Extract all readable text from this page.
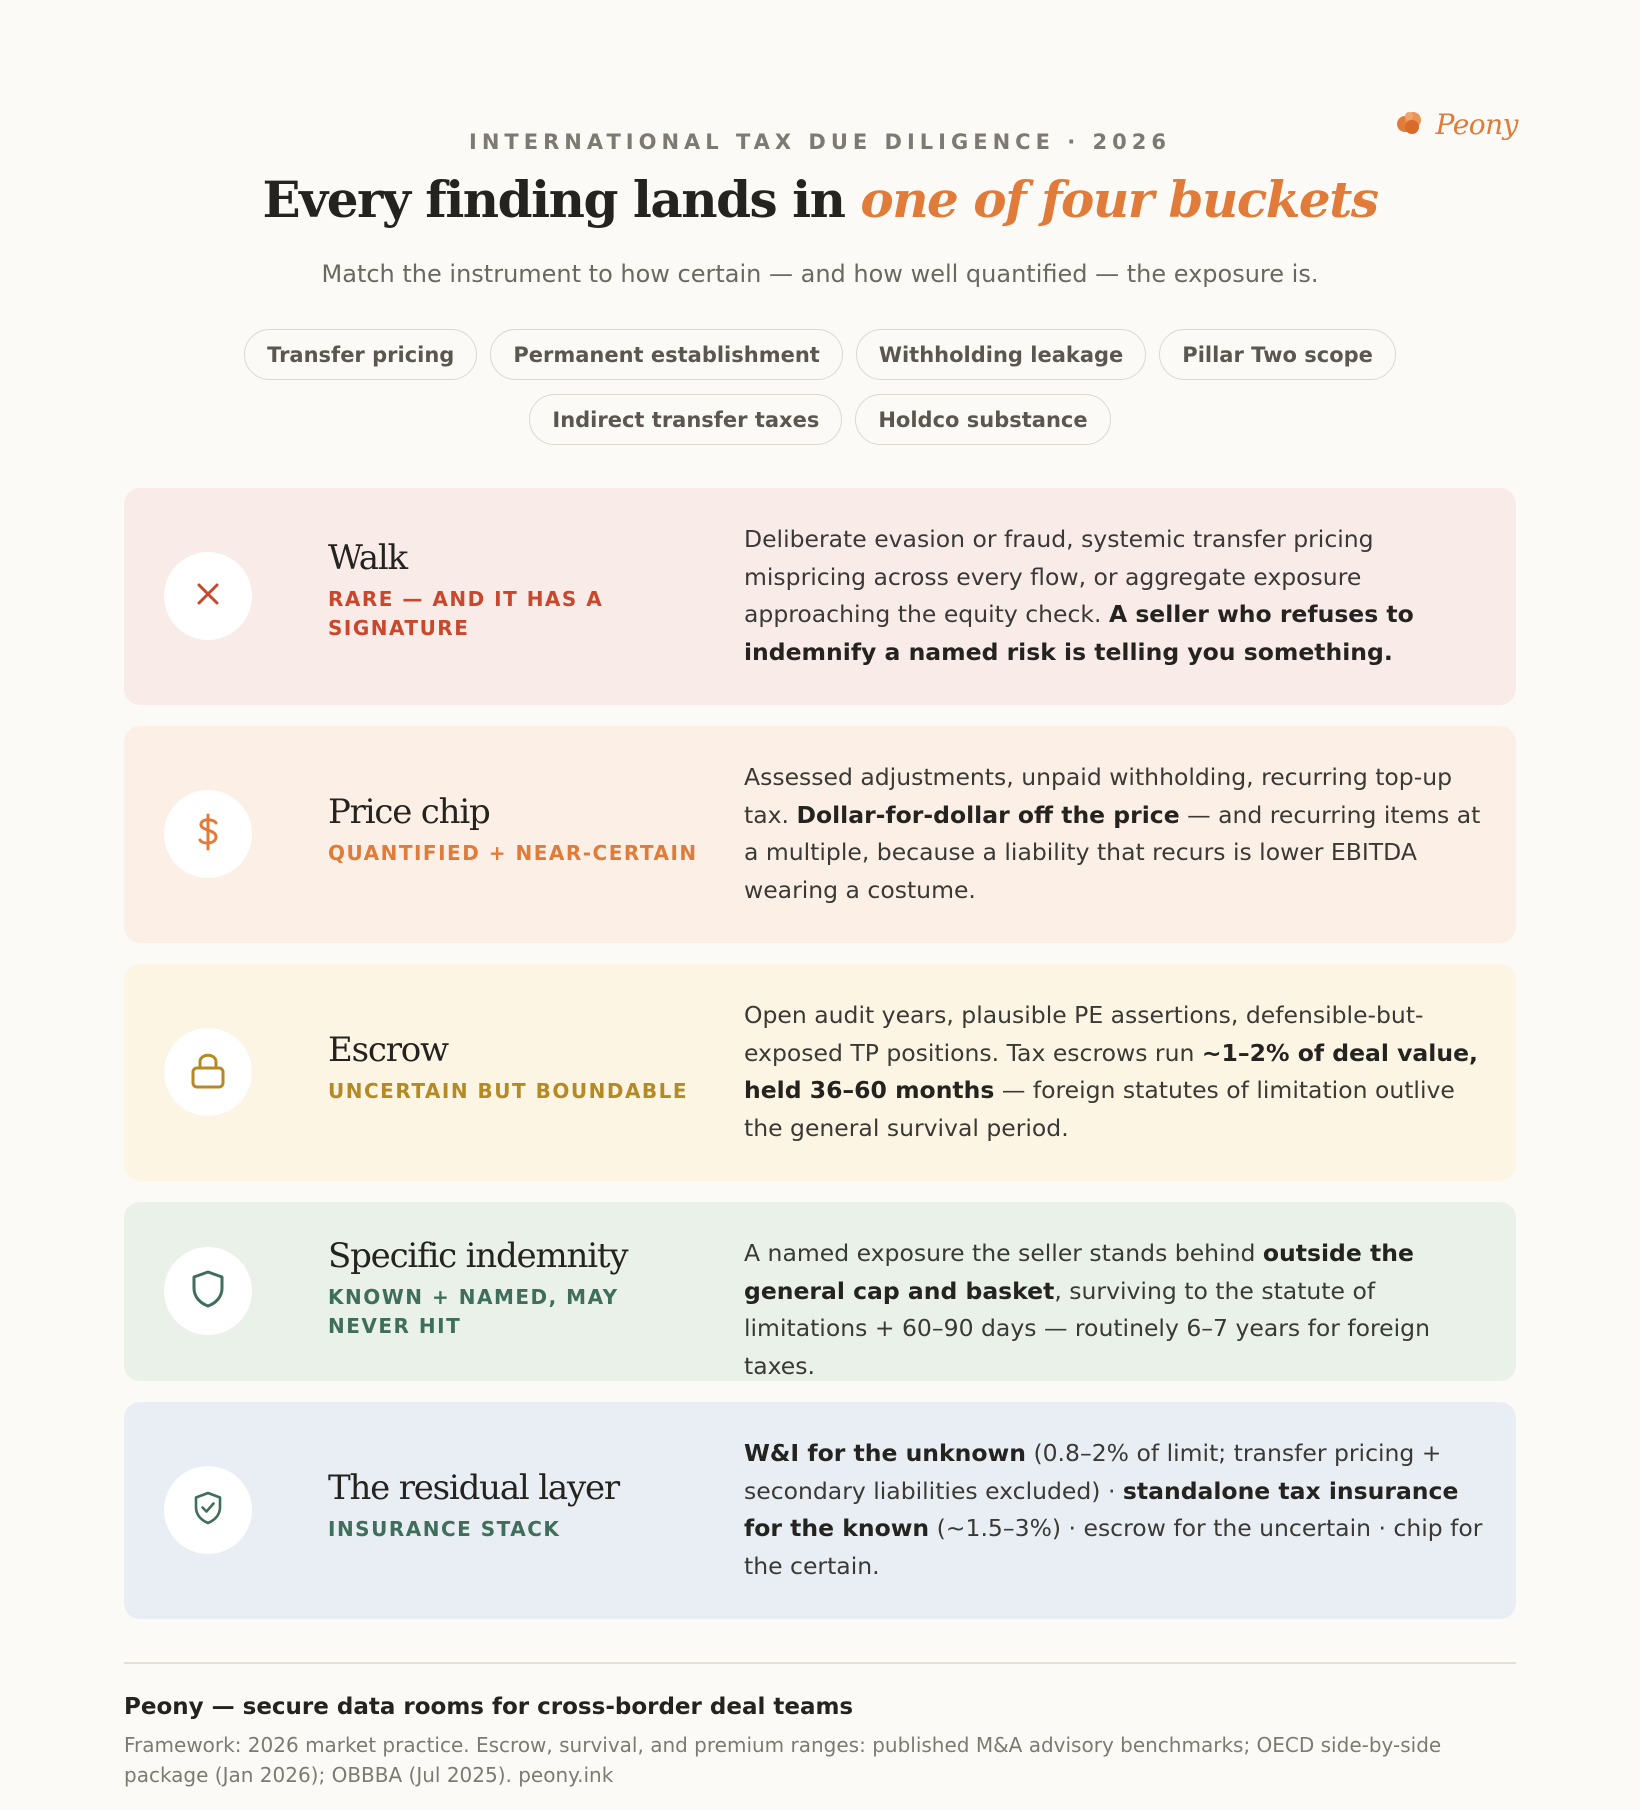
Peony
INTERNATIONAL TAX DUE DILIGENCE · 2026
Every finding lands in one of four buckets
Match the instrument to how certain — and how well quantified — the exposure is.
Transfer pricing	Permanent establishment	Withholding leakage	Pillar Two scope
Indirect transfer taxes	Holdco substance
Walk
RARE — AND IT HAS A SIGNATURE
Deliberate evasion or fraud, systemic transfer pricing mispricing across every flow, or aggregate exposure approaching the equity check. A seller who refuses to indemnify a named risk is telling you something.
Price chip
QUANTIFIED + NEAR-CERTAIN
Assessed adjustments, unpaid withholding, recurring top-up tax. Dollar-for-dollar off the price — and recurring items at a multiple, because a liability that recurs is lower EBITDA wearing a costume.
Escrow
UNCERTAIN BUT BOUNDABLE
Open audit years, plausible PE assertions, defensible-but-exposed TP positions. Tax escrows run ~1–2% of deal value, held 36–60 months — foreign statutes of limitation outlive the general survival period.
Specific indemnity
KNOWN + NAMED, MAY NEVER HIT
A named exposure the seller stands behind outside the general cap and basket, surviving to the statute of limitations + 60–90 days — routinely 6–7 years for foreign taxes.
The residual layer
INSURANCE STACK
W&I for the unknown (0.8–2% of limit; transfer pricing + secondary liabilities excluded) · standalone tax insurance for the known (~1.5–3%) · escrow for the uncertain · chip for the certain.
Peony — secure data rooms for cross-border deal teams
Framework: 2026 market practice. Escrow, survival, and premium ranges: published M&A advisory benchmarks; OECD side-by-side package (Jan 2026); OBBBA (Jul 2025). peony.ink
